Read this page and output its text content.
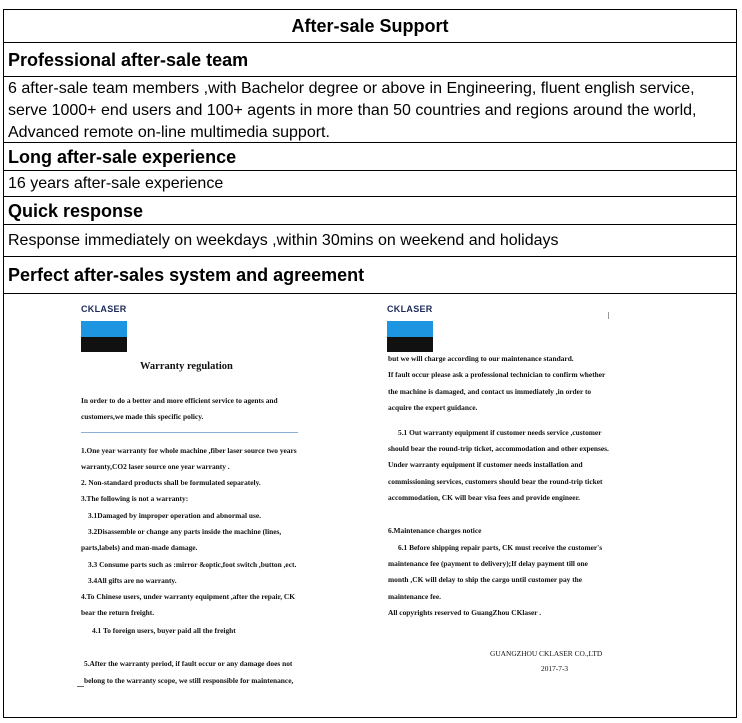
After-sale Support
Professional after-sale team
6 after-sale team members ,with Bachelor degree or above in Engineering, fluent english service,
serve 1000+ end users and 100+ agents in more than 50 countries and regions around the world,
Advanced remote on-line multimedia support.
Long after-sale experience
16 years after-sale experience
Quick response
Response immediately on weekdays ,within 30mins on weekend and holidays
Perfect after-sales system and agreement
CKLASER
Warranty regulation
In order to do a better and more efficient service to agents and
customers,we made this specific policy.
1.One year warranty for whole machine ,fiber laser source two years
warranty,CO2 laser source one year warranty .
2. Non-standard products shall be formulated separately.
3.The following is not a warranty:
3.1Damaged by improper operation and abnormal use.
3.2Disassemble or change any parts inside the machine (lines,
parts,labels) and man-made damage.
3.3 Consume parts such as :mirror &optic,foot switch ,button ,ect.
3.4All gifts are no warranty.
4.To Chinese users, under warranty equipment ,after the repair, CK
bear the return freight.
4.1 To foreign users, buyer paid all the freight
5.After the warranty period, if fault occur or any damage does not
belong to the warranty scope, we still responsible for maintenance,
CKLASER
but we will charge according to our maintenance standard.
If fault occur please ask a professional technician to confirm whether
the machine is damaged, and contact us immediately ,in order to
acquire the expert guidance.
5.1 Out warranty equipment if customer needs service ,customer
should bear the round-trip ticket, accommodation and other expenses.
Under warranty equipment if customer needs installation and
commissioning services, customers should bear the round-trip ticket
accommodation, CK will bear visa fees and provide engineer.
6.Maintenance charges notice
6.1 Before shipping repair parts, CK must receive the customer's
maintenance fee (payment to delivery);If delay payment till one
month ,CK will delay to ship the cargo until customer pay the
maintenance fee.
All copyrights reserved to GuangZhou CKlaser .
GUANGZHOU CKLASER CO.,LTD
2017-7-3
